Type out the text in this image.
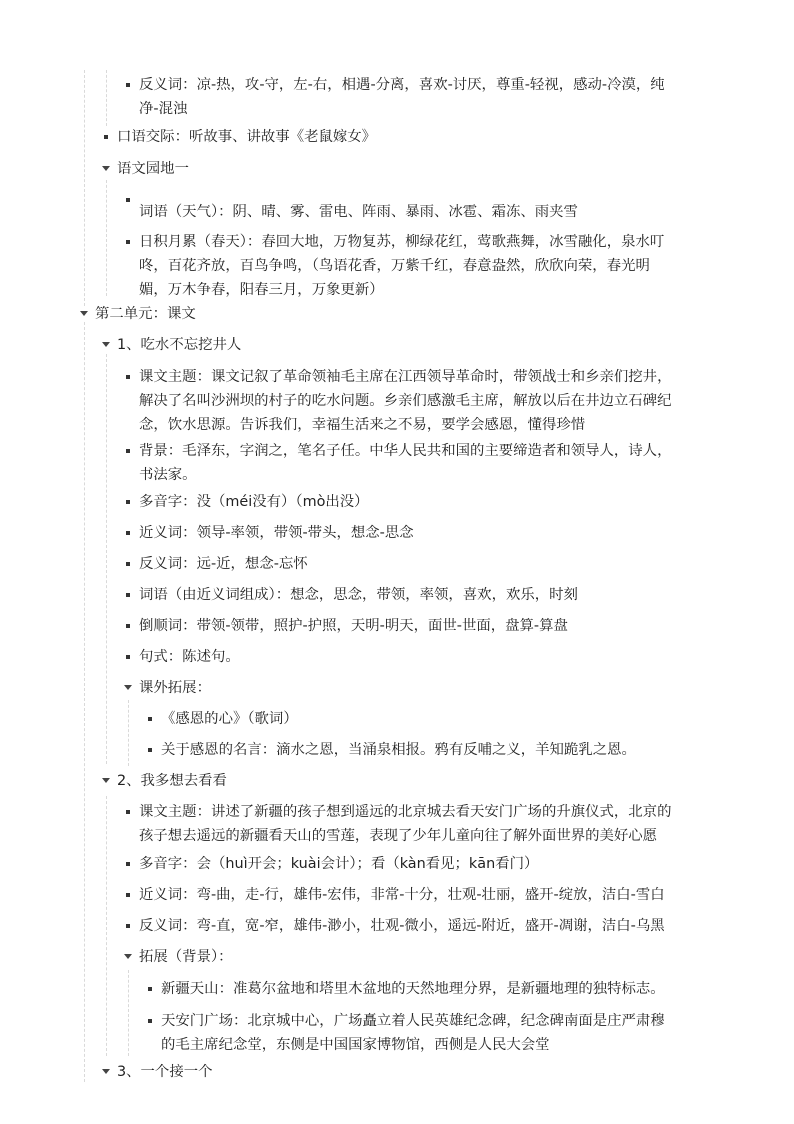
反义词：凉-热，攻-守，左-右，相遇-分离，喜欢-讨厌，尊重-轻视，感动-冷漠，纯
净-混浊
口语交际：听故事、讲故事《老鼠嫁女》
语文园地一
词语（天气）：阴、晴、雾、雷电、阵雨、暴雨、冰雹、霜冻、雨夹雪
日积月累（春天）：春回大地，万物复苏，柳绿花红，莺歌燕舞，冰雪融化，泉水叮
咚，百花齐放，百鸟争鸣，（鸟语花香，万紫千红，春意盎然，欣欣向荣，春光明
媚，万木争春，阳春三月，万象更新）
第二单元：课文
1、吃水不忘挖井人
课文主题：课文记叙了革命领袖毛主席在江西领导革命时，带领战士和乡亲们挖井，
解决了名叫沙洲坝的村子的吃水问题。乡亲们感激毛主席，解放以后在井边立石碑纪
念，饮水思源。告诉我们，幸福生活来之不易，要学会感恩，懂得珍惜
背景：毛泽东，字润之，笔名子任。中华人民共和国的主要缔造者和领导人，诗人，
书法家。
多音字：没（méi没有）（mò出没）
近义词：领导-率领，带领-带头，想念-思念
反义词：远-近，想念-忘怀
词语（由近义词组成）：想念，思念，带领，率领，喜欢，欢乐，时刻
倒顺词：带领-领带，照护-护照，天明-明天，面世-世面，盘算-算盘
句式：陈述句。
课外拓展：
《感恩的心》（歌词）
关于感恩的名言：滴水之恩，当涌泉相报。鸦有反哺之义，羊知跪乳之恩。
2、我多想去看看
课文主题：讲述了新疆的孩子想到遥远的北京城去看天安门广场的升旗仪式，北京的
孩子想去遥远的新疆看天山的雪莲，表现了少年儿童向往了解外面世界的美好心愿
多音字：会（huì开会；kuài会计）；看（kàn看见；kān看门）
近义词：弯-曲，走-行，雄伟-宏伟，非常-十分，壮观-壮丽，盛开-绽放，洁白-雪白
反义词：弯-直，宽-窄，雄伟-渺小，壮观-微小，遥远-附近，盛开-凋谢，洁白-乌黑
拓展（背景）：
新疆天山：准葛尔盆地和塔里木盆地的天然地理分界，是新疆地理的独特标志。
天安门广场：北京城中心，广场矗立着人民英雄纪念碑，纪念碑南面是庄严肃穆
的毛主席纪念堂，东侧是中国国家博物馆，西侧是人民大会堂
3、一个接一个
